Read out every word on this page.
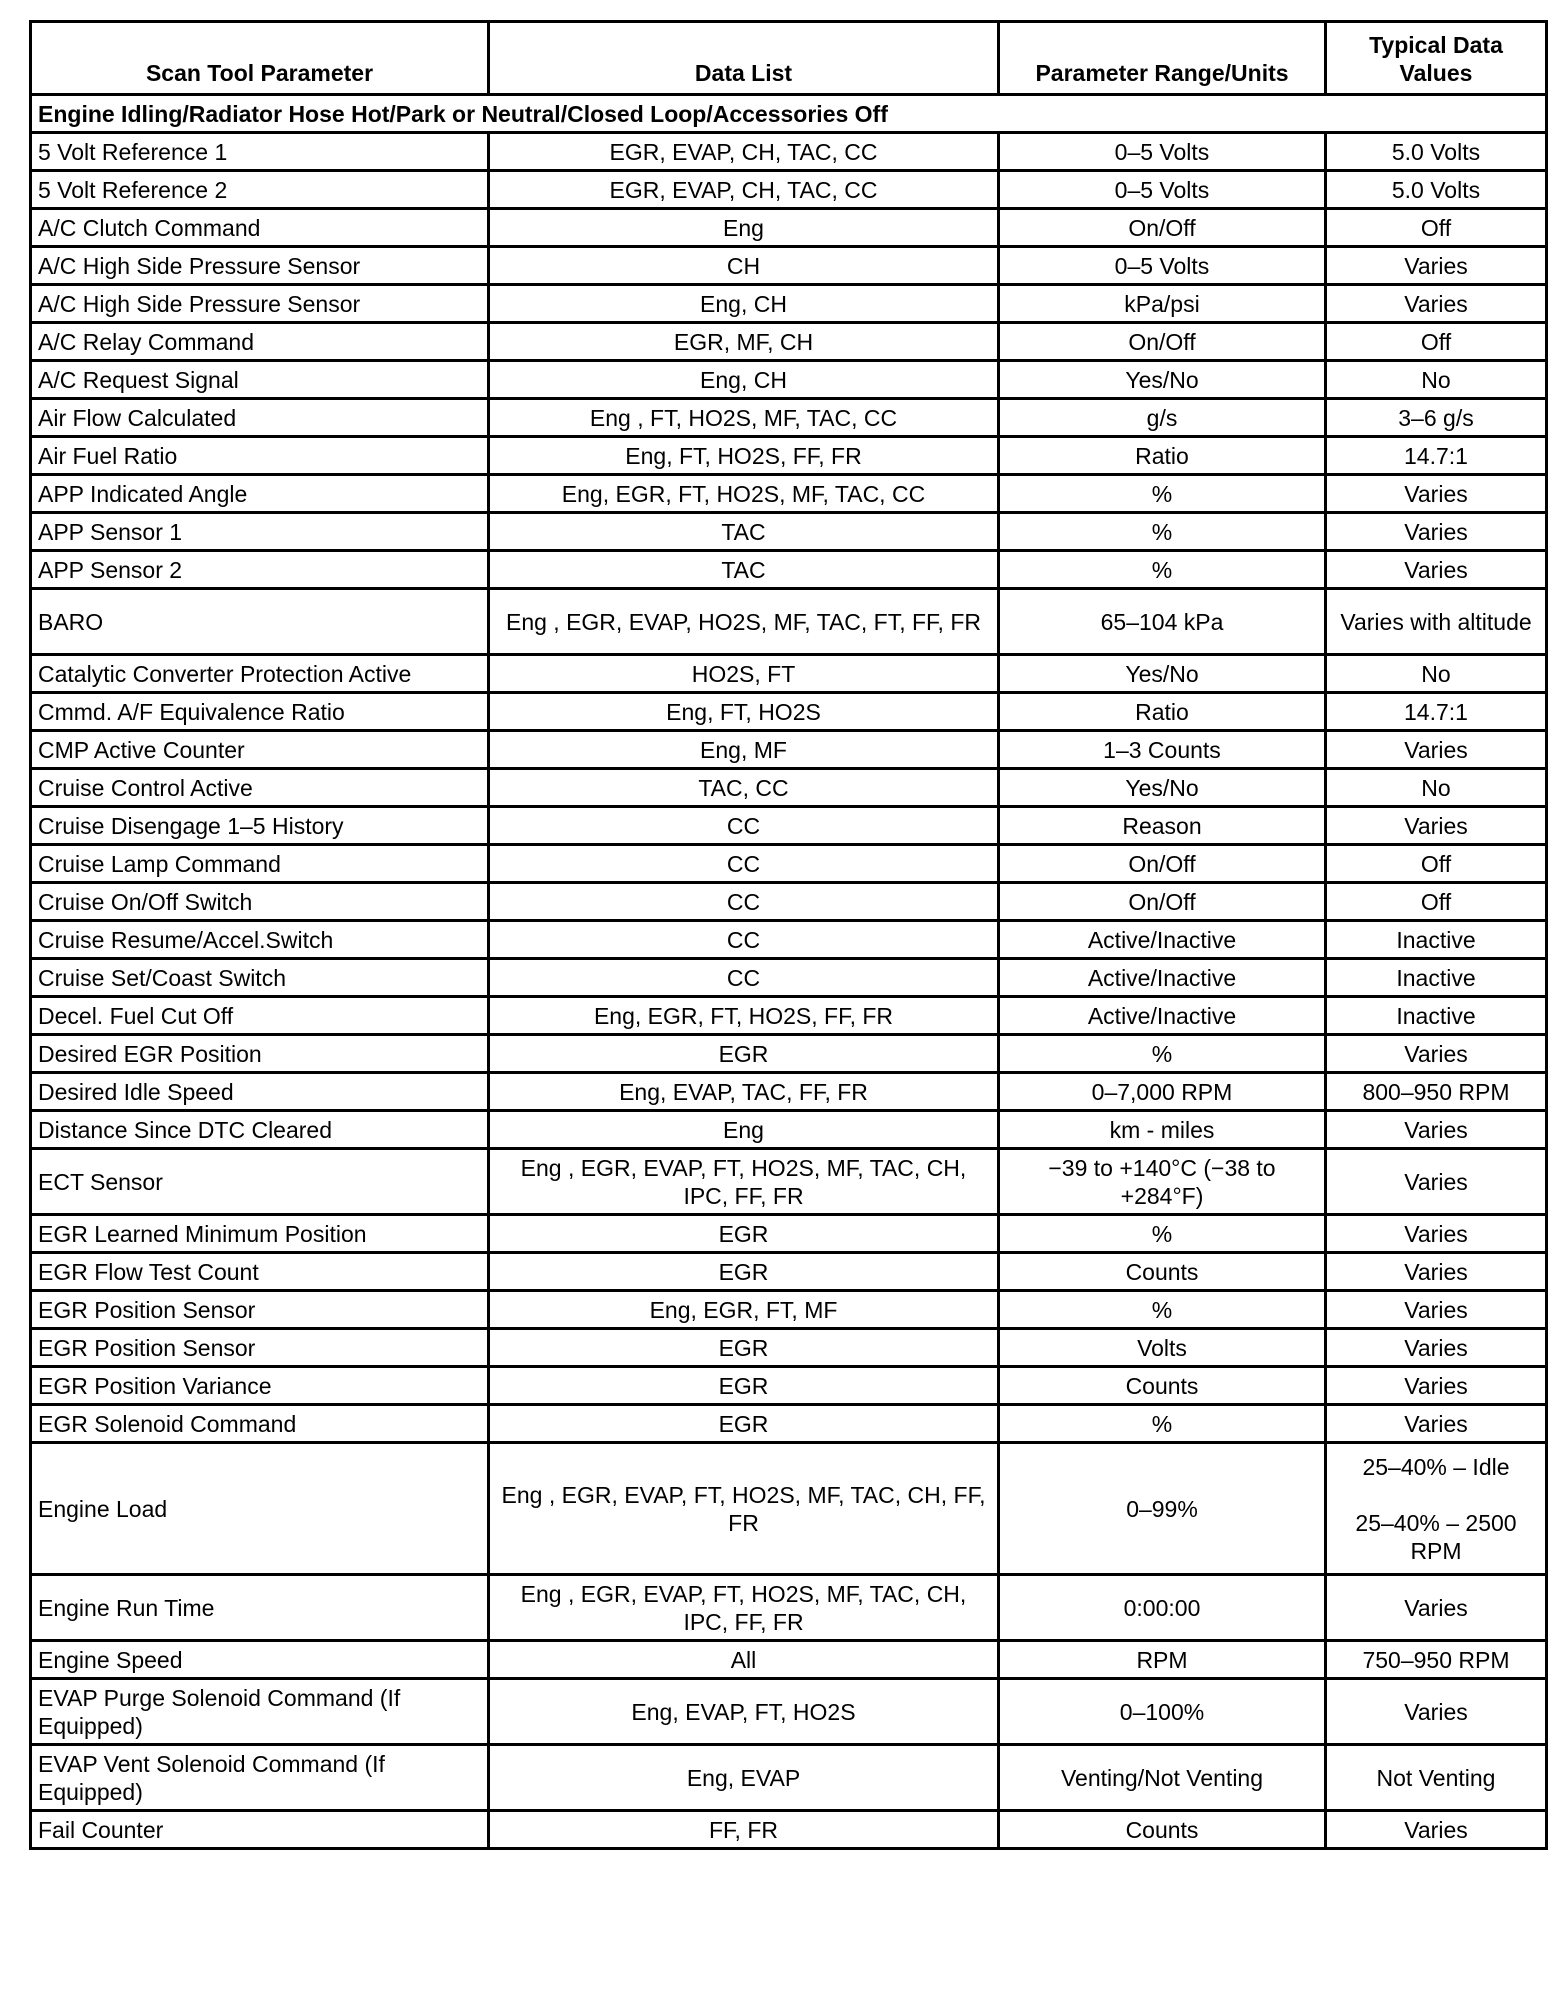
Scan Tool Parameter	Data List	Parameter Range/Units	Typical Data Values
Engine Idling/Radiator Hose Hot/Park or Neutral/Closed Loop/Accessories Off			
5 Volt Reference 1	EGR, EVAP, CH, TAC, CC	0–5 Volts	5.0 Volts
5 Volt Reference 2	EGR, EVAP, CH, TAC, CC	0–5 Volts	5.0 Volts
A/C Clutch Command	Eng	On/Off	Off
A/C High Side Pressure Sensor	CH	0–5 Volts	Varies
A/C High Side Pressure Sensor	Eng, CH	kPa/psi	Varies
A/C Relay Command	EGR, MF, CH	On/Off	Off
A/C Request Signal	Eng, CH	Yes/No	No
Air Flow Calculated	Eng , FT, HO2S, MF, TAC, CC	g/s	3–6 g/s
Air Fuel Ratio	Eng, FT, HO2S, FF, FR	Ratio	14.7:1
APP Indicated Angle	Eng, EGR, FT, HO2S, MF, TAC, CC	%	Varies
APP Sensor 1	TAC	%	Varies
APP Sensor 2	TAC	%	Varies
BARO	Eng , EGR, EVAP, HO2S, MF, TAC, FT, FF, FR	65–104 kPa	Varies with altitude
Catalytic Converter Protection Active	HO2S, FT	Yes/No	No
Cmmd. A/F Equivalence Ratio	Eng, FT, HO2S	Ratio	14.7:1
CMP Active Counter	Eng, MF	1–3 Counts	Varies
Cruise Control Active	TAC, CC	Yes/No	No
Cruise Disengage 1–5 History	CC	Reason	Varies
Cruise Lamp Command	CC	On/Off	Off
Cruise On/Off Switch	CC	On/Off	Off
Cruise Resume/Accel.Switch	CC	Active/Inactive	Inactive
Cruise Set/Coast Switch	CC	Active/Inactive	Inactive
Decel. Fuel Cut Off	Eng, EGR, FT, HO2S, FF, FR	Active/Inactive	Inactive
Desired EGR Position	EGR	%	Varies
Desired Idle Speed	Eng, EVAP, TAC, FF, FR	0–7,000 RPM	800–950 RPM
Distance Since DTC Cleared	Eng	km - miles	Varies
ECT Sensor	Eng , EGR, EVAP, FT, HO2S, MF, TAC, CH, IPC, FF, FR	−39 to +140°C (−38 to +284°F)	Varies
EGR Learned Minimum Position	EGR	%	Varies
EGR Flow Test Count	EGR	Counts	Varies
EGR Position Sensor	Eng, EGR, FT, MF	%	Varies
EGR Position Sensor	EGR	Volts	Varies
EGR Position Variance	EGR	Counts	Varies
EGR Solenoid Command	EGR	%	Varies
Engine Load	Eng , EGR, EVAP, FT, HO2S, MF, TAC, CH, FF, FR	0–99%	25–40% – Idle

25–40% – 2500 RPM
Engine Run Time	Eng , EGR, EVAP, FT, HO2S, MF, TAC, CH, IPC, FF, FR	0:00:00	Varies
Engine Speed	All	RPM	750–950 RPM
EVAP Purge Solenoid Command (If Equipped)	Eng, EVAP, FT, HO2S	0–100%	Varies
EVAP Vent Solenoid Command (If Equipped)	Eng, EVAP	Venting/Not Venting	Not Venting
Fail Counter	FF, FR	Counts	Varies
